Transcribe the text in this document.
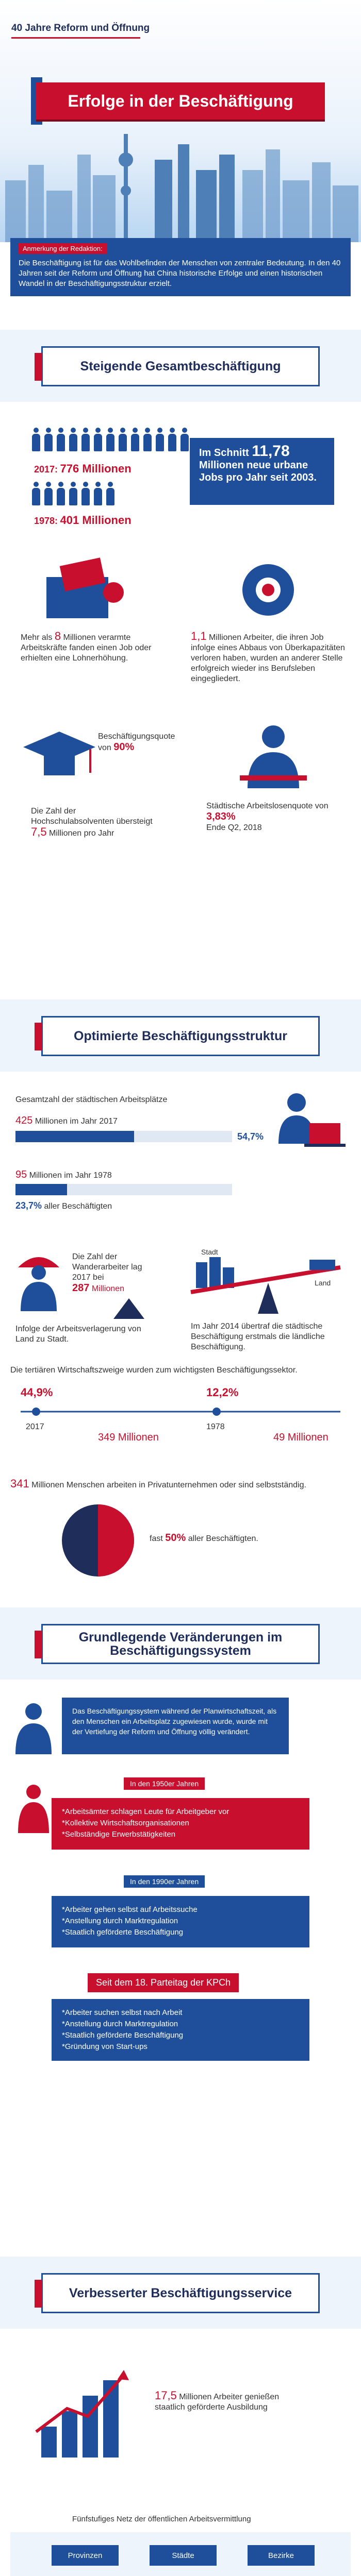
40 Jahre Reform und Öffnung
Erfolge in der Beschäftigung
Anmerkung der Redaktion:
Die Beschäftigung ist für das Wohlbefinden der Menschen von zentraler Bedeutung. In den 40 Jahren seit der Reform und Öffnung hat China historische Erfolge und einen historischen Wandel in der Beschäftigungsstruktur erzielt.
Steigende Gesamtbeschäftigung
2017: 776 Millionen
1978: 401 Millionen
Im Schnitt 11,78 Millionen neue urbane Jobs pro Jahr seit 2003.
Mehr als 8 Millionen verarmte Arbeitskräfte fanden einen Job oder erhielten eine Lohnerhöhung.
1,1 Millionen Arbeiter, die ihren Job infolge eines Abbaus von Überkapazitäten verloren haben, wurden an anderer Stelle erfolgreich wieder ins Berufsleben eingegliedert.
Beschäftigungsquote von 90%
Die Zahl der Hochschulabsolventen übersteigt 7,5 Millionen pro Jahr
Städtische Arbeitslosenquote von 3,83%
Ende Q2, 2018
Optimierte Beschäftigungsstruktur
Gesamtzahl der städtischen Arbeitsplätze
425 Millionen im Jahr 2017
54,7%
95 Millionen im Jahr 1978
23,7% aller Beschäftigten
Die Zahl der Wanderarbeiter lag 2017 bei
287 Millionen
Infolge der Arbeitsverlagerung von Land zu Stadt.
Stadt
Land
Im Jahr 2014 übertraf die städtische Beschäftigung erstmals die ländliche Beschäftigung.
Die tertiären Wirtschaftszweige wurden zum wichtigsten Beschäftigungssektor.
44,9%	12,2%
2017
349 Millionen
1978
49 Millionen
341 Millionen Menschen arbeiten in Privatunternehmen oder sind selbstständig.
fast 50% aller Beschäftigten.
Grundlegende Veränderungen im Beschäftigungssystem
Das Beschäftigungssystem während der Planwirtschaftszeit, als den Menschen ein Arbeitsplatz zugewiesen wurde, wurde mit der Vertiefung der Reform und Öffnung völlig verändert.
In den 1950er Jahren
*Arbeitsämter schlagen Leute für Arbeitgeber vor
*Kollektive Wirtschaftsorganisationen
*Selbständige Erwerbstätigkeiten
In den 1990er Jahren
*Arbeiter gehen selbst auf Arbeitssuche
*Anstellung durch Marktregulation
*Staatlich geförderte Beschäftigung
Seit dem 18. Parteitag der KPCh
*Arbeiter suchen selbst nach Arbeit
*Anstellung durch Marktregulation
*Staatlich geförderte Beschäftigung
*Gründung von Start-ups
Verbesserter Beschäftigungsservice
17,5 Millionen Arbeiter genießen staatlich geförderte Ausbildung
Fünfstufiges Netz der öffentlichen Arbeitsvermittlung
Provinzen	Städte	Bezirke
